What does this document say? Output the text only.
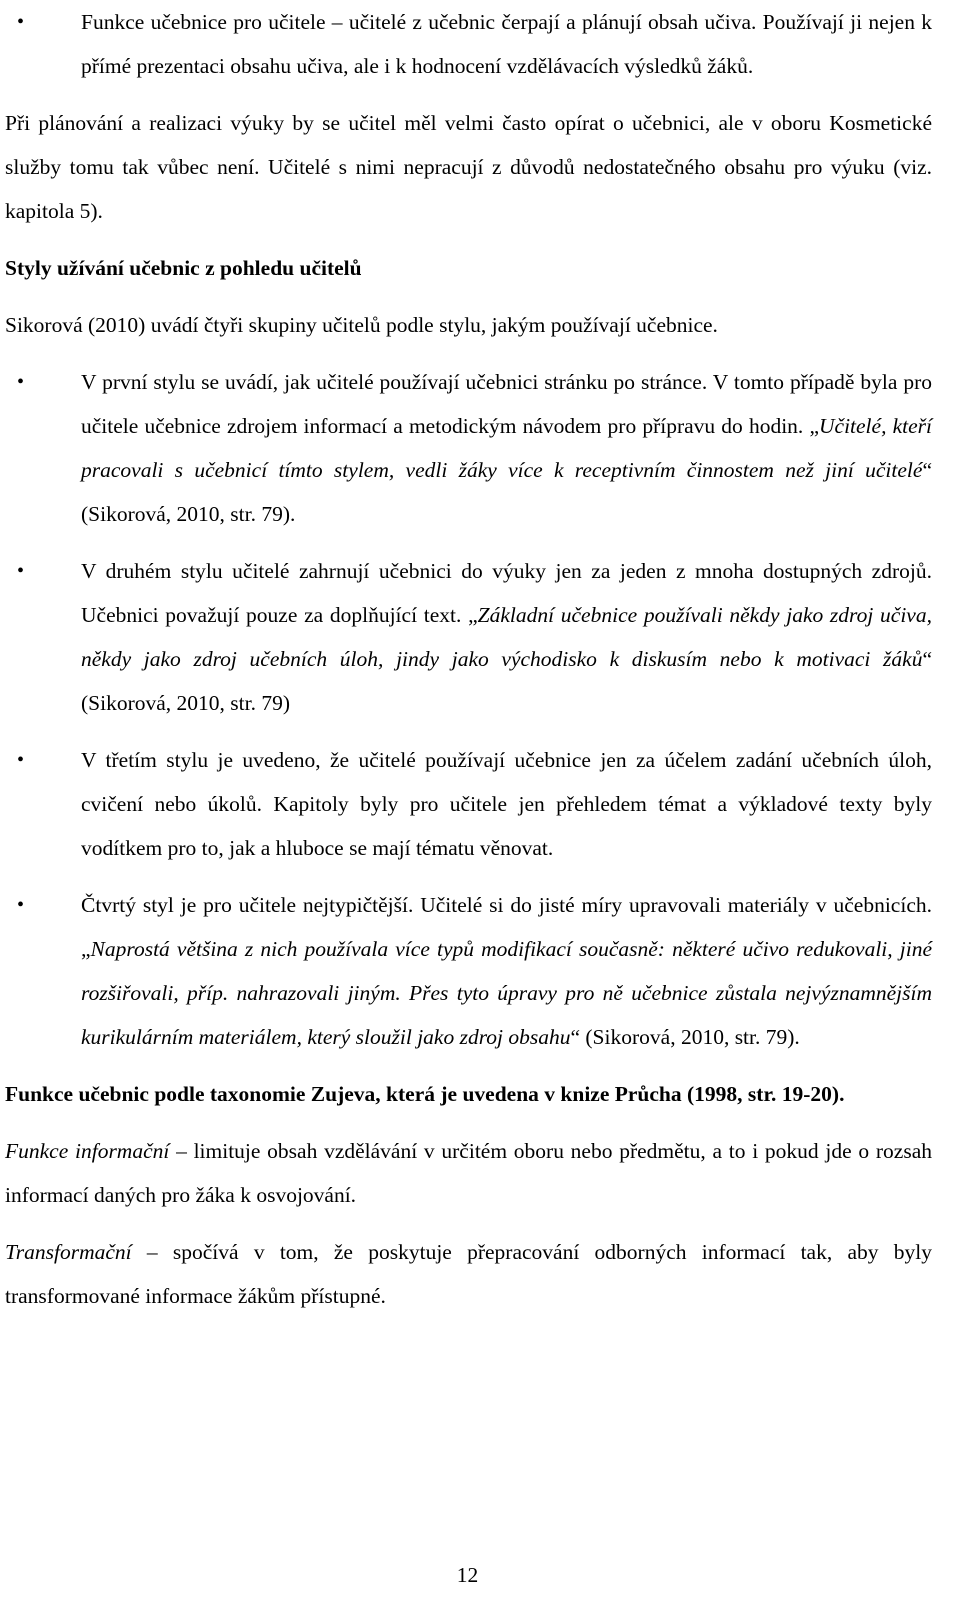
•	Funkce učebnice pro učitele – učitelé z učebnic čerpají a plánují obsah učiva. Používají ji nejen k přímé prezentaci obsahu učiva, ale i k hodnocení vzdělávacích výsledků žáků.

Při plánování a realizaci výuky by se učitel měl velmi často opírat o učebnici, ale v oboru Kosmetické služby tomu tak vůbec není. Učitelé s nimi nepracují z důvodů nedostatečného obsahu pro výuku (viz. kapitola 5).

Styly užívání učebnic z pohledu učitelů

Sikorová (2010) uvádí čtyři skupiny učitelů podle stylu, jakým používají učebnice.

•	V první stylu se uvádí, jak učitelé používají učebnici stránku po stránce. V tomto případě byla pro učitele učebnice zdrojem informací a metodickým návodem pro přípravu do hodin. „Učitelé, kteří pracovali s učebnicí tímto stylem, vedli žáky více k receptivním činnostem než jiní učitelé“ (Sikorová, 2010, str. 79).

•	V druhém stylu učitelé zahrnují učebnici do výuky jen za jeden z mnoha dostupných zdrojů. Učebnici považují pouze za doplňující text. „Základní učebnice používali někdy jako zdroj učiva, někdy jako zdroj učebních úloh, jindy jako východisko k diskusím nebo k motivaci žáků“ (Sikorová, 2010, str. 79)

•	V třetím stylu je uvedeno, že učitelé používají učebnice jen za účelem zadání učebních úloh, cvičení nebo úkolů. Kapitoly byly pro učitele jen přehledem témat a výkladové texty byly vodítkem pro to, jak a hluboce se mají tématu věnovat.

•	Čtvrtý styl je pro učitele nejtypičtější. Učitelé si do jisté míry upravovali materiály v učebnicích. „Naprostá většina z nich používala více typů modifikací současně: některé učivo redukovali, jiné rozšiřovali, příp. nahrazovali jiným. Přes tyto úpravy pro ně učebnice zůstala nejvýznamnějším kurikulárním materiálem, který sloužil jako zdroj obsahu“ (Sikorová, 2010, str. 79).

Funkce učebnic podle taxonomie Zujeva, která je uvedena v knize Průcha (1998, str. 19-20).

Funkce informační – limituje obsah vzdělávání v určitém oboru nebo předmětu, a to i pokud jde o rozsah informací daných pro žáka k osvojování.

Transformační – spočívá v tom, že poskytuje přepracování odborných informací tak, aby byly transformované informace žákům přístupné.

12
